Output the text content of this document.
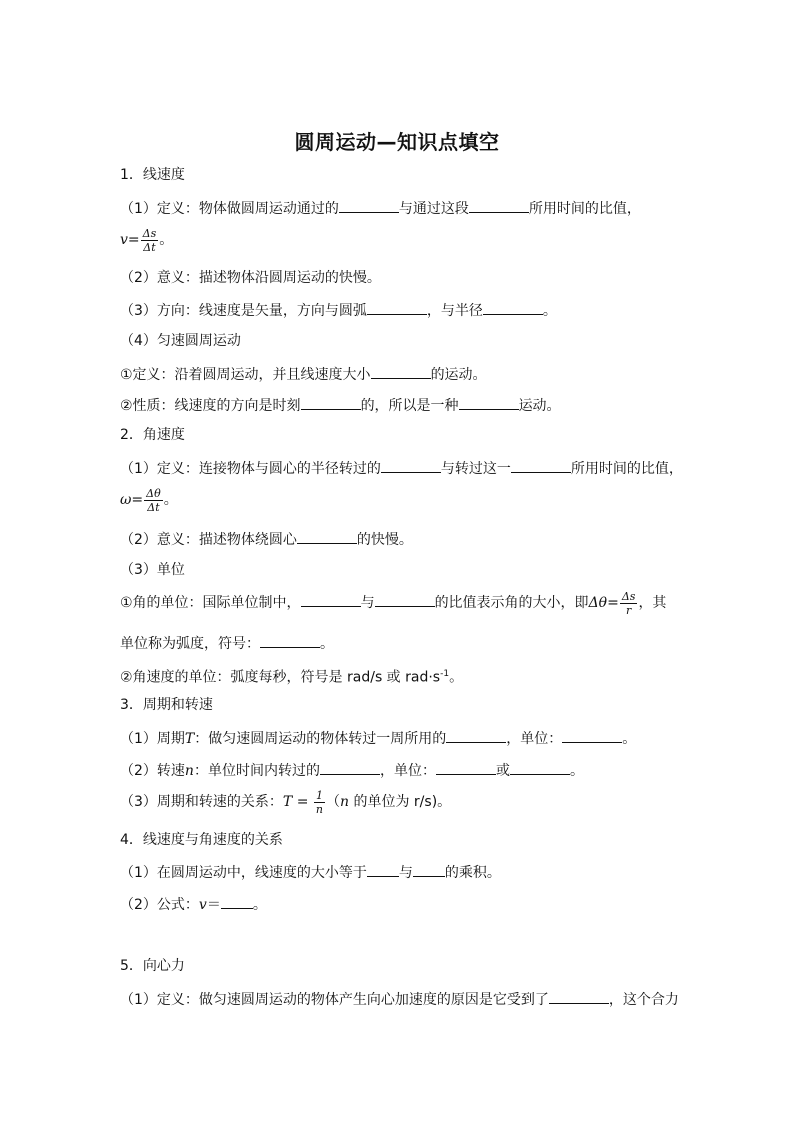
圆周运动—知识点填空
1．线速度
（1）定义：物体做圆周运动通过的	与通过这段	所用时间的比值，
$v= \frac{\Delta s}{\Delta t}$ 。
（2）意义：描述物体沿圆周运动的快慢。
（3）方向：线速度是矢量，方向与圆弧	，与半径	。
（4）匀速圆周运动
①定义：沿着圆周运动，并且线速度大小	的运动。
②性质：线速度的方向是时刻	的，所以是一种	运动。
2．角速度
（1）定义：连接物体与圆心的半径转过的	与转过这一	所用时间的比值，
$\omega= \frac{\Delta\theta}{\Delta t}$ 。
（2）意义：描述物体绕圆心	的快慢。
（3）单位
①角的单位：国际单位制中，	与	的比值表示角的大小，即$\Delta\theta= \frac{\Delta s}{r}$ ，其
单位称为弧度，符号：	。
②角速度的单位：弧度每秒，符号是 rad/s 或 $rad\cdot s^{-1}$。
3．周期和转速
（1）周期T：做匀速圆周运动的物体转过一周所用的	，单位：	。
（2）转速n：单位时间内转过的	，单位：	或	。
（3）周期和转速的关系：$T = \frac{1}{n} (n$ 的单位为 r/s)。
4．线速度与角速度的关系
（1）在圆周运动中，线速度的大小等于 与 的乘积。
（2）公式：v＝ 。
5．向心力
（1）定义：做匀速圆周运动的物体产生向心加速度的原因是它受到了	，这个合力
